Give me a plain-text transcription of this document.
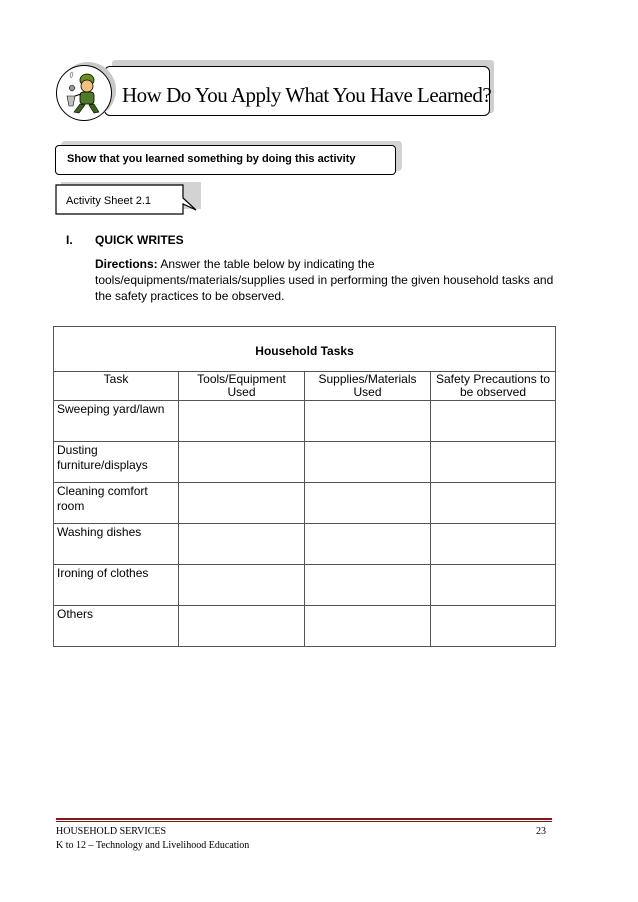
How Do You Apply What You Have Learned?
Show that you learned something by doing this activity
Activity Sheet 2.1
I. QUICK WRITES
Directions: Answer the table below by indicating the tools/equipments/materials/supplies used in performing the given household tasks and the safety practices to be observed.
Household Tasks			
Task	Tools/Equipment Used	Supplies/Materials Used	Safety Precautions to be observed
Sweeping yard/lawn			
Dusting furniture/displays			
Cleaning comfort room			
Washing dishes			
Ironing of clothes			
Others			
HOUSEHOLD SERVICES
K to 12 – Technology and Livelihood Education
23
